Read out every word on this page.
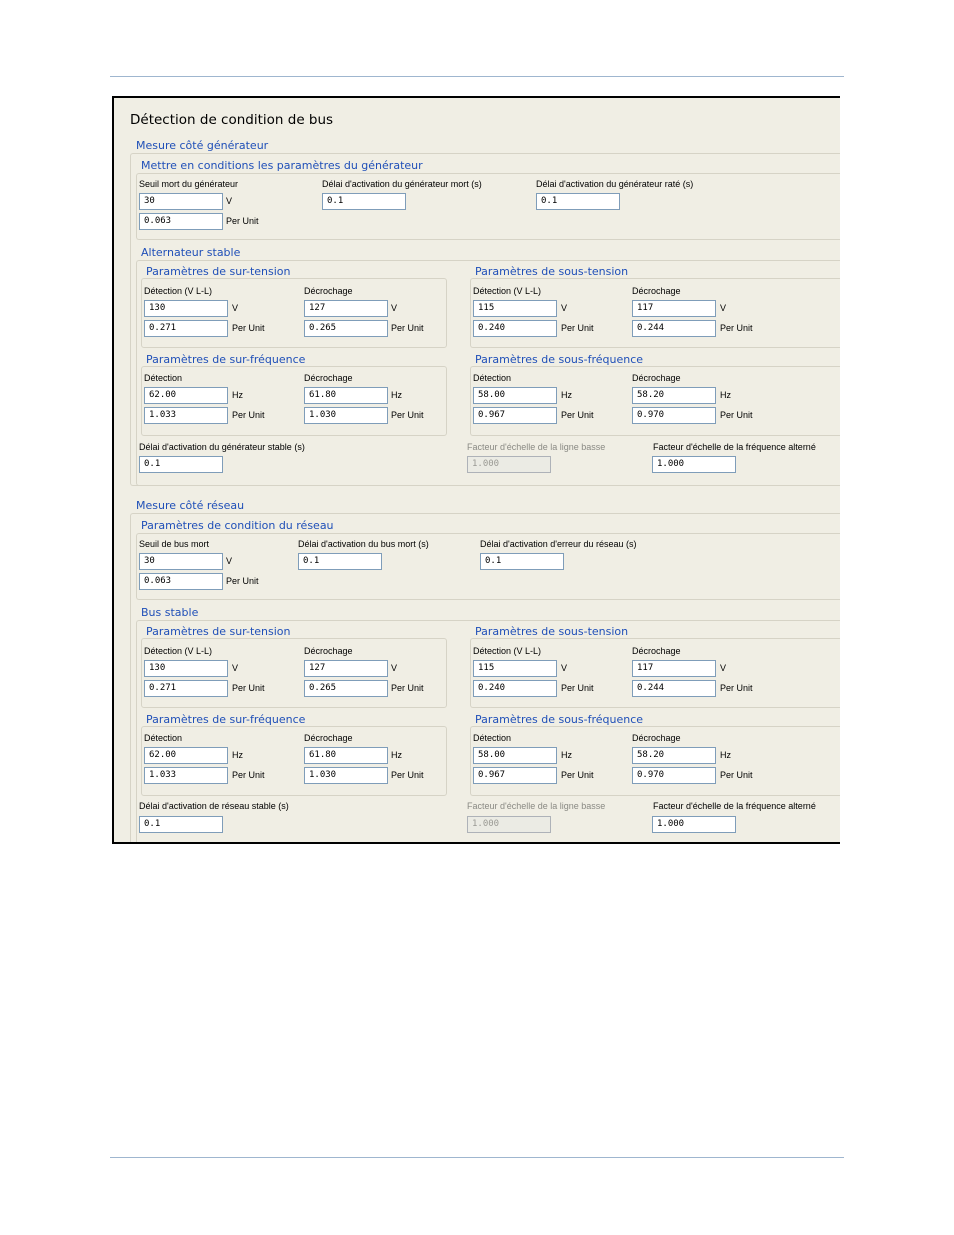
Détection de condition de bus
Mesure côté générateur
Mettre en conditions les paramètres du générateur
Seuil mort du générateur
30	V
0.063	Per Unit
Délai d'activation du générateur mort (s)
0.1
Délai d'activation du générateur raté (s)
0.1
Alternateur stable
Paramètres de sur-tension
Détection (V L-L)
130	V
0.271	Per Unit
Décrochage
127	V
0.265	Per Unit
Paramètres de sous-tension
Détection (V L-L)
115	V
0.240	Per Unit
Décrochage
117	V
0.244	Per Unit
Paramètres de sur-fréquence
Détection
62.00	Hz
1.033	Per Unit
Décrochage
61.80	Hz
1.030	Per Unit
Paramètres de sous-fréquence
Détection
58.00	Hz
0.967	Per Unit
Décrochage
58.20	Hz
0.970	Per Unit
Délai d'activation du générateur stable (s)
0.1
Facteur d'échelle de la ligne basse
1.000
Facteur d'échelle de la fréquence alterné
1.000
Mesure côté réseau
Paramètres de condition du réseau
Seuil de bus mort
30	V
0.063	Per Unit
Délai d'activation du bus mort (s)
0.1
Délai d'activation d'erreur du réseau (s)
0.1
Bus stable
Paramètres de sur-tension
Détection (V L-L)
130	V
0.271	Per Unit
Décrochage
127	V
0.265	Per Unit
Paramètres de sous-tension
Détection (V L-L)
115	V
0.240	Per Unit
Décrochage
117	V
0.244	Per Unit
Paramètres de sur-fréquence
Détection
62.00	Hz
1.033	Per Unit
Décrochage
61.80	Hz
1.030	Per Unit
Paramètres de sous-fréquence
Détection
58.00	Hz
0.967	Per Unit
Décrochage
58.20	Hz
0.970	Per Unit
Délai d'activation de réseau stable (s)
0.1
Facteur d'échelle de la ligne basse
1.000
Facteur d'échelle de la fréquence alterné
1.000
